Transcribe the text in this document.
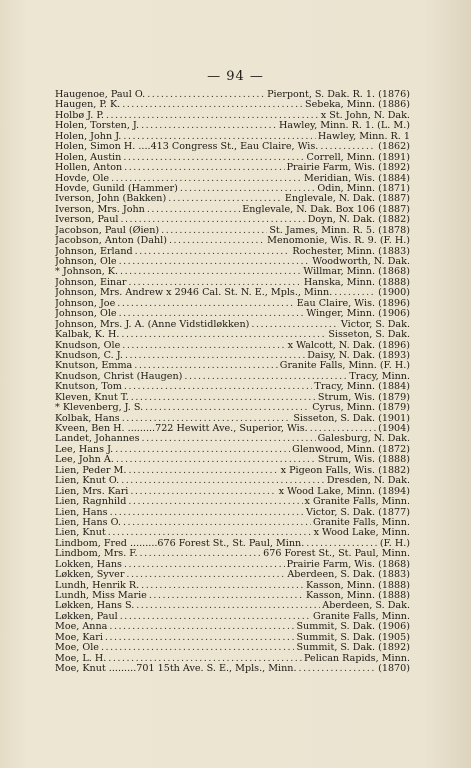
— 94 —
Haugenoe, Paul O. .....	Pierpont, S. Dak. R. 1. (1876)
Haugen, P. K. .....	Sebeka, Minn. (1886)
Holbø J. P. .....	x St. John, N. Dak.
Holen, Torsten, J. .....	Hawley, Minn. R. 1. (L. M.)
Holen, John J. .....	Hawley, Minn. R. 1
Holen, Simon H. ....413 Congress St., Eau Claire, Wis. .....	(1862)
Holen, Austin .....	Correll, Minn. (1891)
Hollen, Anton .....	Prairie Farm, Wis. (1892)
Hovde, Ole .....	Meridian, Wis. (1884)
Hovde, Gunild (Hammer) .....	Odin, Minn. (1871)
Iverson, John (Bakken) .....	Englevale, N. Dak. (1887)
Iverson, Mrs. John .....	Englevale, N. Dak. Box 106 (1887)
Iverson, Paul .....	Doyn, N. Dak. (1882)
Jacobson, Paul (Øien) .....	St. James, Minn. R. 5. (1878)
Jacobson, Anton (Dahl) .....	Menomonie, Wis. R. 9. (F. H.)
Johnson, Erland .....	Rochester, Minn. (1883)
Johnson, Ole .....	Woodworth, N. Dak.
* Johnson, K. .....	Willmar, Minn. (1868)
Johnson, Einar .....	Hanska, Minn. (1888)
Johnson, Mrs. Andrew x 2946 Cal. St. N. E., Mpls., Minn. .....	(1900)
Johnson, Joe .....	Eau Claire, Wis. (1896)
Johnson, Ole .....	Winger, Minn. (1906)
Johnson, Mrs. J. A. (Anne Vidstidløkken) .....	Victor, S. Dak.
Kalbak, K. H. .....	Sisseton, S. Dak.
Knudson, Ole .....	x Walcott, N. Dak. (1896)
Knudson, C. J. .....	Daisy, N. Dak. (1893)
Knutson, Emma .....	Granite Falls, Minn. (F. H.)
Knudson, Christ (Haugen) .....	Tracy, Minn.
Knutson, Tom .....	Tracy, Minn. (1884)
Kleven, Knut T. .....	Strum, Wis. (1879)
* Klevenberg, J. S. .....	Cyrus, Minn. (1879)
Kolbak, Hans .....	Sisseton, S. Dak. (1901)
Kveen, Ben H. .........722 Hewitt Ave., Superior, Wis. .....	(1904)
Landet, Johannes .....	Galesburg, N. Dak.
Lee, Hans J. .....	Glenwood, Minn. (1872)
Lee, John A. .....	Strum, Wis. (1888)
Lien, Peder M. .....	x Pigeon Falls, Wis. (1882)
Lien, Knut O. .....	Dresden, N. Dak.
Lien, Mrs. Kari .....	x Wood Lake, Minn. (1894)
Lien, Ragnhild .....	x Granite Falls, Minn.
Lien, Hans .....	Victor, S. Dak. (1877)
Lien, Hans O. .....	Granite Falls, Minn.
Lien, Knut .....	x Wood Lake, Minn.
Lindbom, Fred .........676 Forest St., St. Paul, Minn. .....	(F. H.)
Lindbom, Mrs. F. .....	676 Forest St., St. Paul, Minn.
Lokken, Hans .....	Prairie Farm, Wis. (1868)
Løkken, Syver .....	Aberdeen, S. Dak. (1883)
Lundh, Henrik R. .....	Kasson, Minn. (1888)
Lundh, Miss Marie .....	Kasson, Minn. (1888)
Løkken, Hans S. .....	Aberdeen, S. Dak.
Løkken, Paul .....	Granite Falls, Minn.
Moe, Anna .....	Summit, S. Dak. (1906)
Moe, Kari .....	Summit, S. Dak. (1905)
Moe, Ole .....	Summit, S. Dak. (1892)
Moe, L. H. .....	Pelican Rapids, Minn.
Moe, Knut .........701 15th Ave. S. E., Mpls., Minn. .....	(1870)
